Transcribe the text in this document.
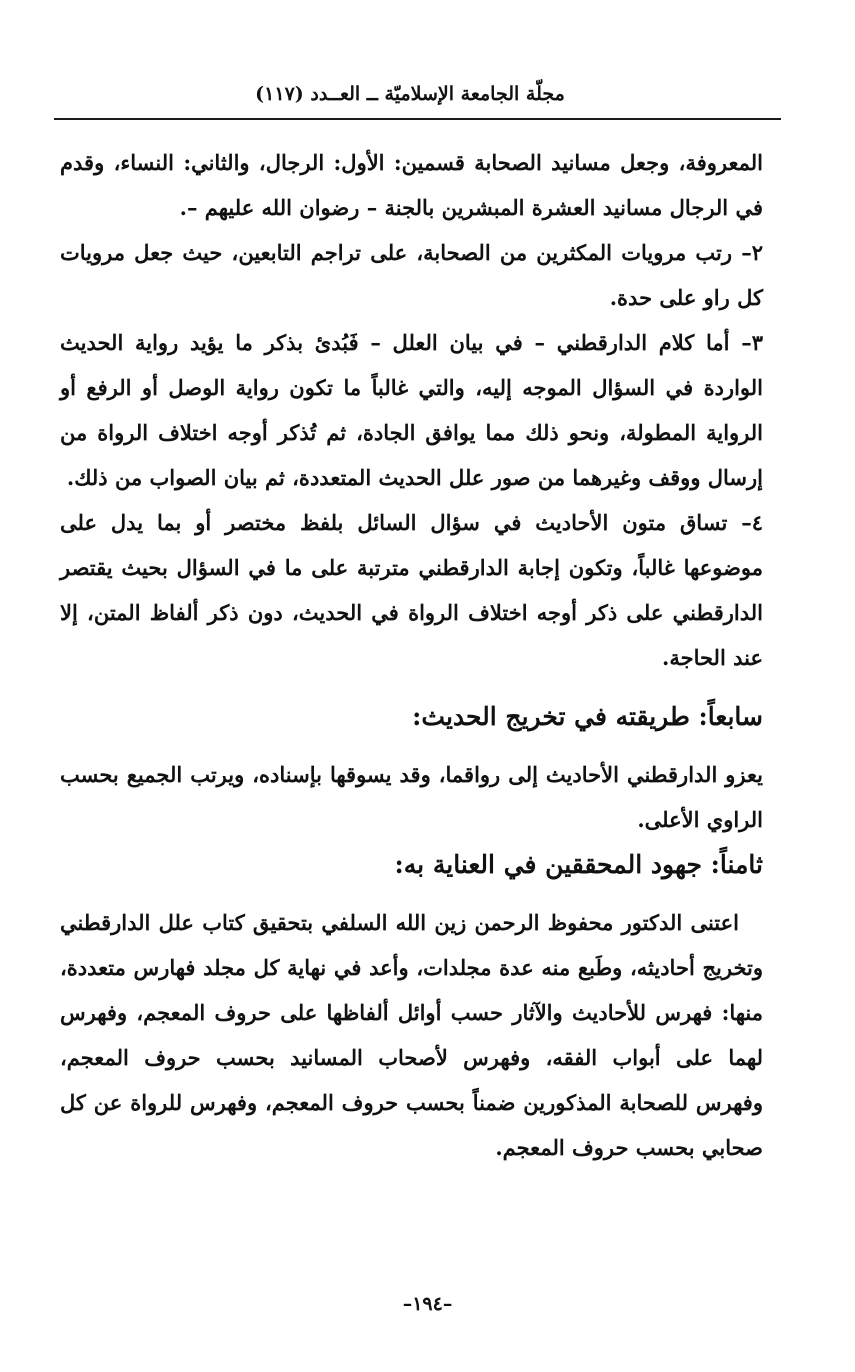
مجلّة الجامعة الإسلاميّة ــ العــدد (١١٧)

المعروفة، وجعل مسانيد الصحابة قسمين: الأول: الرجال، والثاني: النساء، وقدم في الرجال مسانيد العشرة المبشرين بالجنة – رضوان الله عليهم –.

٢– رتب مرويات المكثرين من الصحابة، على تراجم التابعين، حيث جعل مرويات كل راو على حدة.

٣– أما كلام الدارقطني – في بيان العلل – فَبُدئ بذكر ما يؤيد رواية الحديث الواردة في السؤال الموجه إليه، والتي غالباً ما تكون رواية الوصل أو الرفع أو الرواية المطولة، ونحو ذلك مما يوافق الجادة، ثم تُذكر أوجه اختلاف الرواة من إرسال ووقف وغيرهما من صور علل الحديث المتعددة، ثم بيان الصواب من ذلك.

٤– تساق متون الأحاديث في سؤال السائل بلفظ مختصر أو بما يدل على موضوعها غالباً، وتكون إجابة الدارقطني مترتبة على ما في السؤال بحيث يقتصر الدارقطني على ذكر أوجه اختلاف الرواة في الحديث، دون ذكر ألفاظ المتن، إلا عند الحاجة.

سابعاً: طريقته في تخريج الحديث:

يعزو الدارقطني الأحاديث إلى رواقما، وقد يسوقها بإسناده، ويرتب الجميع بحسب الراوي الأعلى.

ثامناً: جهود المحققين في العناية به:

اعتنى الدكتور محفوظ الرحمن زين الله السلفي بتحقيق كتاب علل الدارقطني وتخريج أحاديثه، وطَبع منه عدة مجلدات، وأعد في نهاية كل مجلد فهارس متعددة، منها: فهرس للأحاديث والآثار حسب أوائل ألفاظها على حروف المعجم، وفهرس لهما على أبواب الفقه، وفهرس لأصحاب المسانيد بحسب حروف المعجم، وفهرس للصحابة المذكورين ضمناً بحسب حروف المعجم، وفهرس للرواة عن كل صحابي بحسب حروف المعجم.

–١٩٤–
